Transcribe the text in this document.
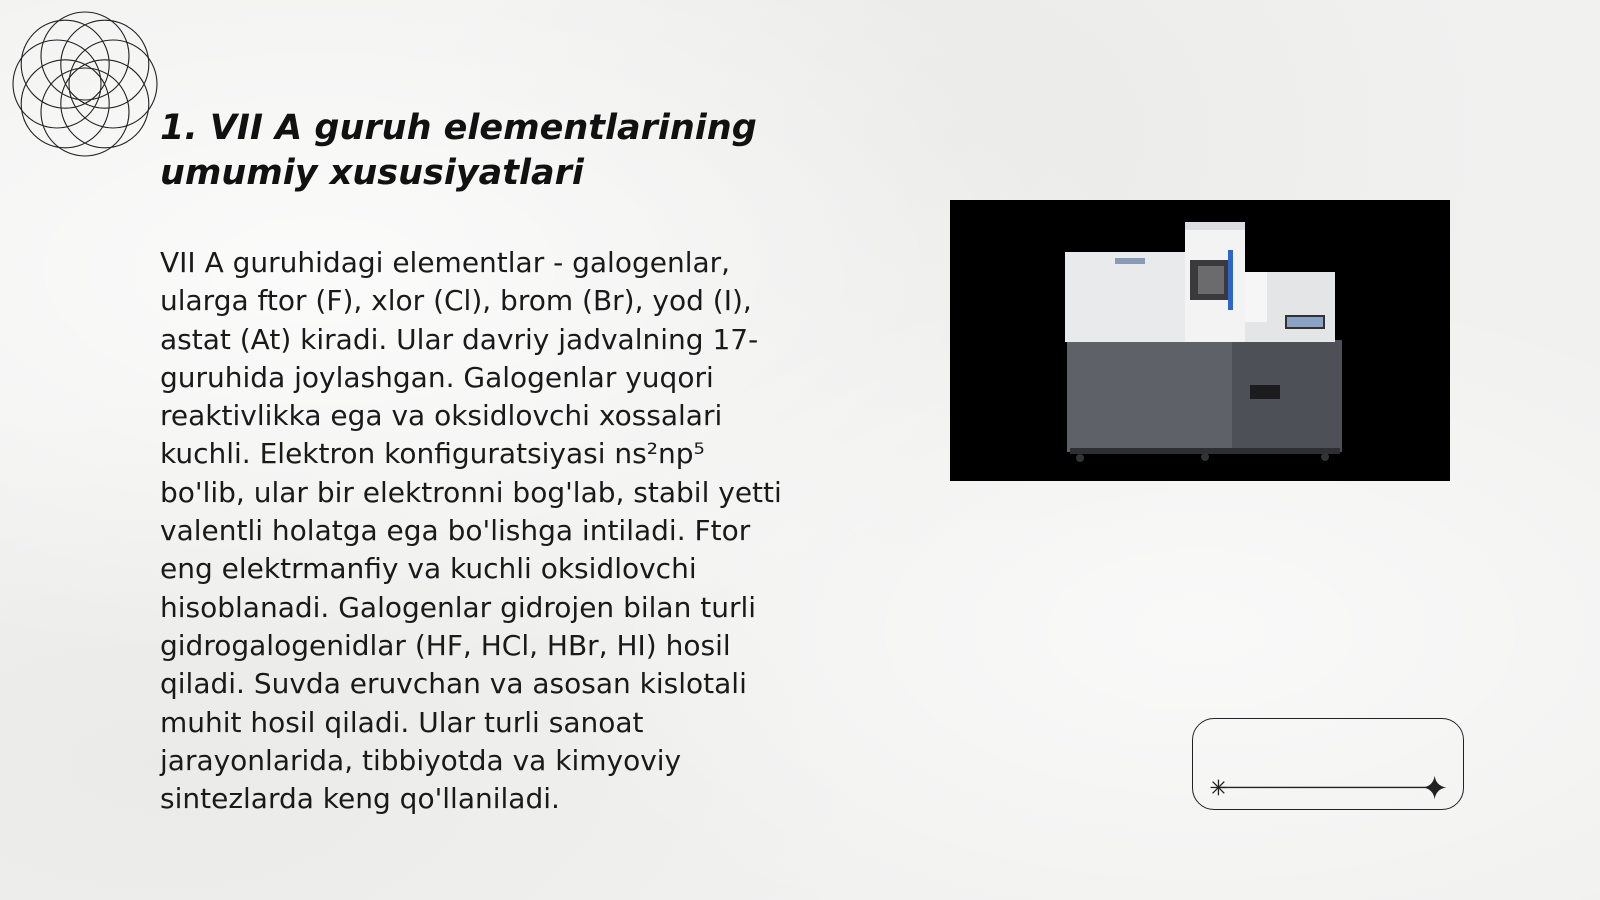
1. VII A guruh elementlarining umumiy xususiyatlari

VII A guruhidagi elementlar - galogenlar,
ularga ftor (F), xlor (Cl), brom (Br), yod (I),
astat (At) kiradi. Ular davriy jadvalning 17-
guruhida joylashgan. Galogenlar yuqori
reaktivlikka ega va oksidlovchi xossalari
kuchli. Elektron konfiguratsiyasi ns²np⁵
bo'lib, ular bir elektronni bog'lab, stabil yetti
valentli holatga ega bo'lishga intiladi. Ftor
eng elektrmanfiy va kuchli oksidlovchi
hisoblanadi. Galogenlar gidrojen bilan turli
gidrogalogenidlar (HF, HCl, HBr, HI) hosil
qiladi. Suvda eruvchan va asosan kislotali
muhit hosil qiladi. Ular turli sanoat
jarayonlarida, tibbiyotda va kimyoviy
sintezlarda keng qo'llaniladi.
